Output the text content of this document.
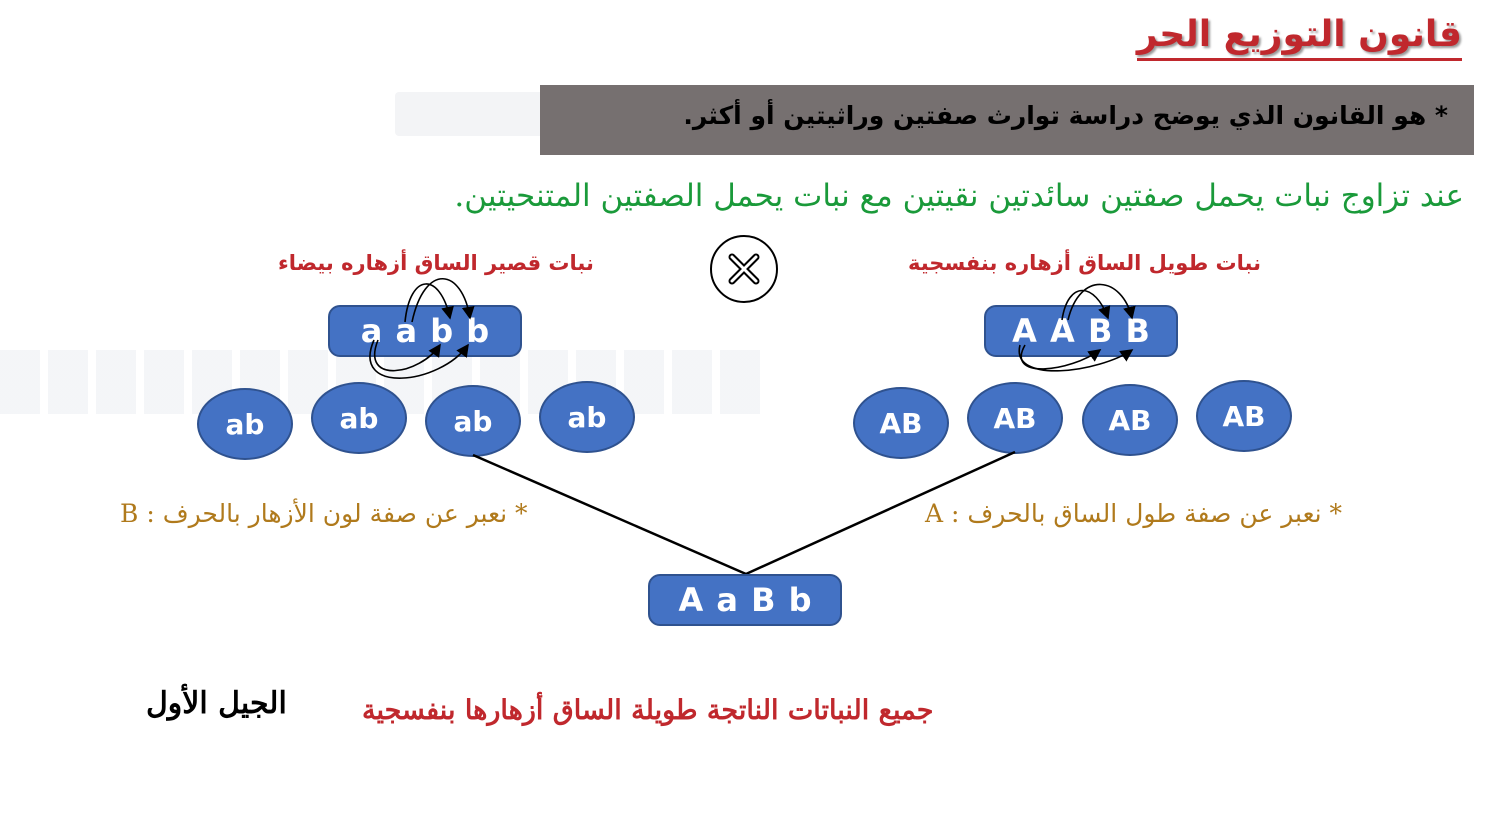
قانون التوزيع الحر
* هو القانون الذي يوضح دراسة توارث صفتين وراثيتين أو أكثر.
عند تزاوج نبات يحمل صفتين سائدتين نقيتين مع نبات يحمل الصفتين المتنحيتين.
نبات قصير الساق أزهاره بيضاء	نبات طويل الساق أزهاره بنفسجية
a a b b	A A B B
ab	ab	ab	ab	AB	AB	AB	AB
* نعبر عن صفة لون الأزهار بالحرف : B	* نعبر عن صفة طول الساق بالحرف : A
A a B b
الجيل الأول	جميع النباتات الناتجة طويلة الساق أزهارها بنفسجية
